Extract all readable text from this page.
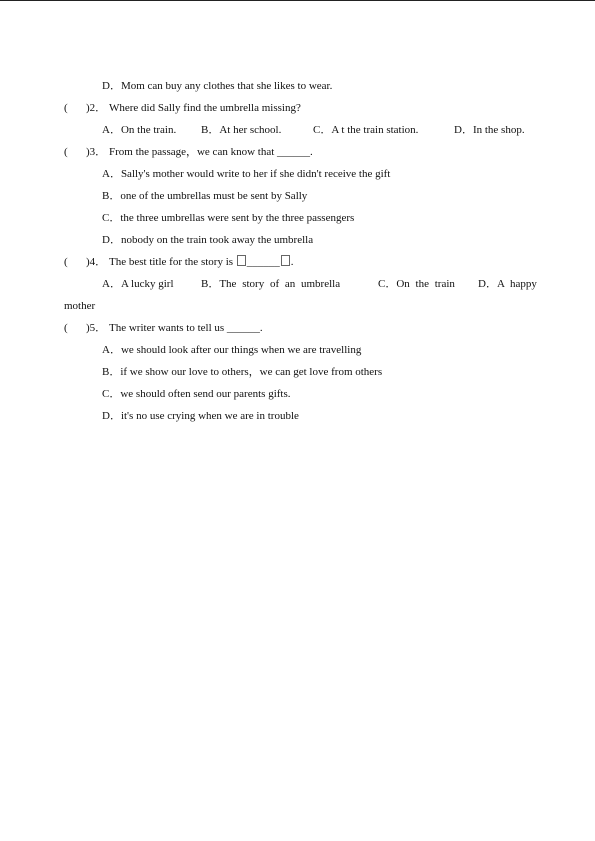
D．Mom can buy any clothes that she likes to wear.
( )2． Where did Sally find the umbrella missing?
A．On the train. B．At her school.	C．A t the train station.	D．In the shop.
( )3． From the passage，we can know that ______.
A．Sally's mother would write to her if she didn't receive the gift
B．one of the umbrellas must be sent by Sally
C．the three umbrellas were sent by the three passengers
D．nobody on the train took away the umbrella
( )4． The best title for the story is ______ .
A．A lucky girl	B．The story of an umbrella	C．On the train D．A happy
mother
( )5． The writer wants to tell us ______.
A．we should look after our things when we are travelling
B．if we show our love to others，we can get love from others
C．we should often send our parents gifts.
D．it's no use crying when we are in trouble
